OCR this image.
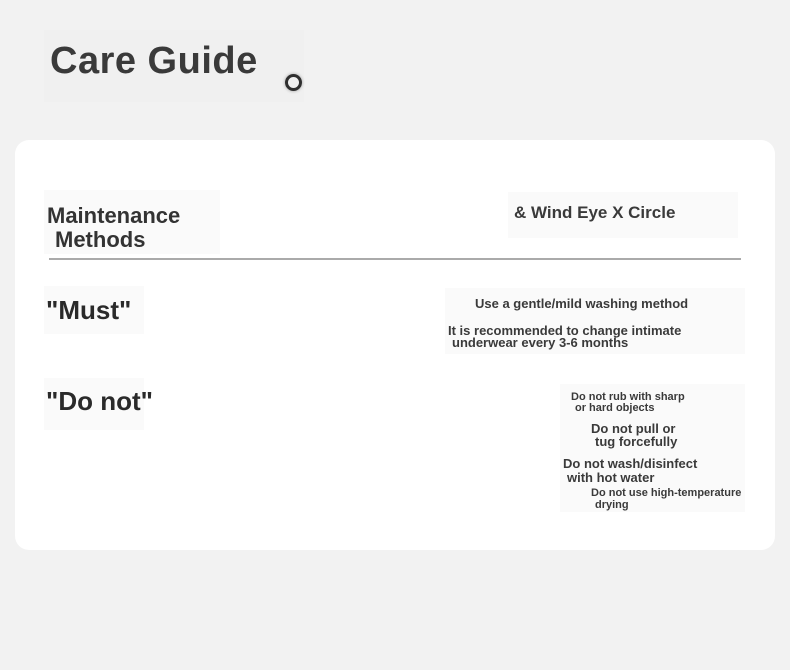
Care Guide
Maintenance
Methods
& Wind Eye X Circle
"Must"	Use a gentle/mild washing method

It is recommended to change intimate
underwear every 3-6 months

"Do not"	Do not rub with sharp
or hard objects

Do not pull or
tug forcefully

Do not wash/disinfect
with hot water

Do not use high-temperature
drying
